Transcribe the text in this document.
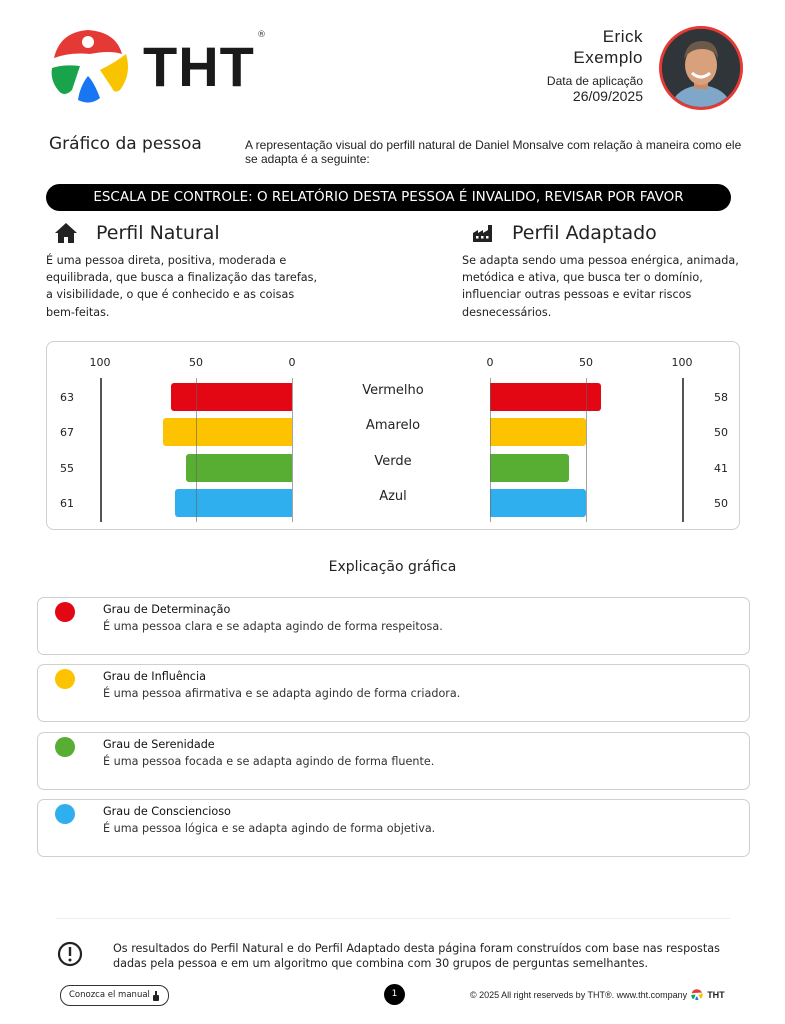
THT ®	Erick
Exemplo
Data de aplicação
26/09/2025
Gráfico da pessoa	A representação visual do perfill natural de Daniel Monsalve com relação à maneira como ele se adapta é a seguinte:
ESCALA DE CONTROLE: O RELATÓRIO DESTA PESSOA É INVALIDO, REVISAR POR FAVOR
Perfil Natural
É uma pessoa direta, positiva, moderada e equilibrada, que busca a finalização das tarefas, a visibilidade, o que é conhecido e as coisas bem-feitas.
Perfil Adaptado
Se adapta sendo uma pessoa enérgica, animada, metódica e ativa, que busca ter o domínio, influenciar outras pessoas e evitar riscos desnecessários.
100	50	0	0	50	100
63
67
55
61
58
50
41
50
Vermelho
Amarelo
Verde
Azul
Explicação gráfica
Grau de Determinação
É uma pessoa clara e se adapta agindo de forma respeitosa.
Grau de Influência
É uma pessoa afirmativa e se adapta agindo de forma criadora.
Grau de Serenidade
É uma pessoa focada e se adapta agindo de forma fluente.
Grau de Consciencioso
É uma pessoa lógica e se adapta agindo de forma objetiva.
Os resultados do Perfil Natural e do Perfil Adaptado desta página foram construídos com base nas respostas dadas pela pessoa e em um algoritmo que combina com 30 grupos de perguntas semelhantes.
Conozca el manual	1	© 2025 All right reserveds by THT®. www.tht.company THT
